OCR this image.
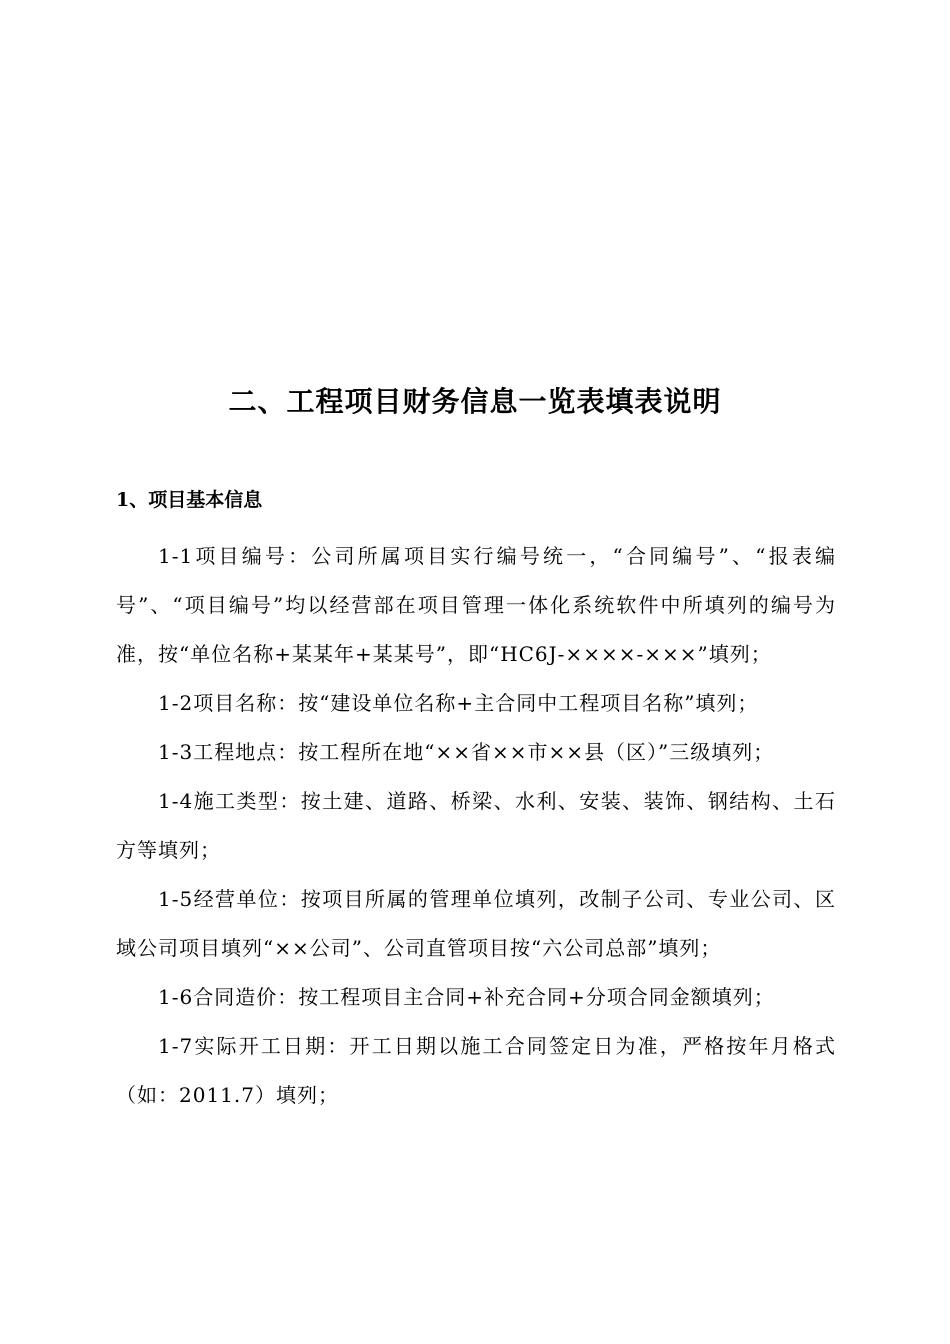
二、工程项目财务信息一览表填表说明
1、项目基本信息

1-1项目编号：公司所属项目实行编号统一，“合同编号”、“报表编号”、“项目编号”均以经营部在项目管理一体化系统软件中所填列的编号为准，按“单位名称+某某年+某某号”，即“HC6J-××××-×××”填列；

1-2项目名称：按“建设单位名称+主合同中工程项目名称”填列；

1-3工程地点：按工程所在地“××省××市××县（区）”三级填列；

1-4施工类型：按土建、道路、桥梁、水利、安装、装饰、钢结构、土石方等填列；

1-5经营单位：按项目所属的管理单位填列，改制子公司、专业公司、区域公司项目填列“××公司”、公司直管项目按“六公司总部”填列；

1-6合同造价：按工程项目主合同+补充合同+分项合同金额填列；

1-7实际开工日期：开工日期以施工合同签定日为准，严格按年月格式（如：2011.7）填列；
